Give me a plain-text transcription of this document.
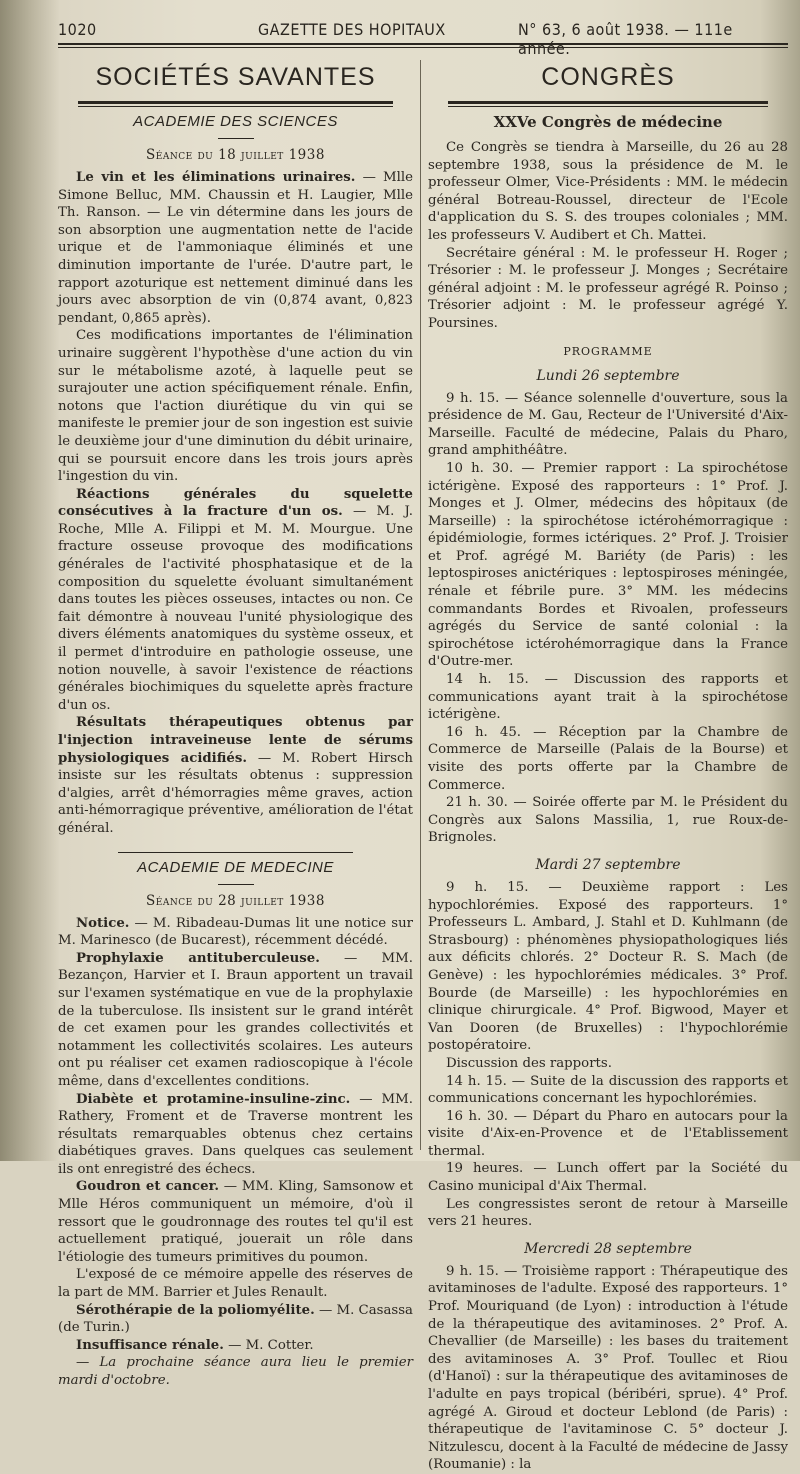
1020	GAZETTE DES HOPITAUX	N° 63, 6 août 1938. — 111e année.
SOCIÉTÉS SAVANTES
ACADEMIE DES SCIENCES
Séance du 18 juillet 1938

Le vin et les éliminations urinaires. — Mlle Simone Belluc, MM. Chaussin et H. Laugier, Mlle Th. Ranson. — Le vin détermine dans les jours de son absorption une augmentation nette de l'acide urique et de l'ammoniaque éliminés et une diminution importante de l'urée. D'autre part, le rapport azoturique est nettement diminué dans les jours avec absorption de vin (0,874 avant, 0,823 pendant, 0,865 après).

Ces modifications importantes de l'élimination urinaire suggèrent l'hypothèse d'une action du vin sur le métabolisme azoté, à laquelle peut se surajouter une action spécifiquement rénale. Enfin, notons que l'action diurétique du vin qui se manifeste le premier jour de son ingestion est suivie le deuxième jour d'une diminution du débit urinaire, qui se poursuit encore dans les trois jours après l'ingestion du vin.

Réactions générales du squelette consécutives à la fracture d'un os. — M. J. Roche, Mlle A. Filippi et M. M. Mourgue. Une fracture osseuse provoque des modifications générales de l'activité phosphatasique et de la composition du squelette évoluant simultanément dans toutes les pièces osseuses, intactes ou non. Ce fait démontre à nouveau l'unité physiologique des divers éléments anatomiques du système osseux, et il permet d'introduire en pathologie osseuse, une notion nouvelle, à savoir l'existence de réactions générales biochimiques du squelette après fracture d'un os.

Résultats thérapeutiques obtenus par l'injection intraveineuse lente de sérums physiologiques acidifiés. — M. Robert Hirsch insiste sur les résultats obtenus : suppression d'algies, arrêt d'hémorragies même graves, action anti-hémorragique préventive, amélioration de l'état général.

ACADEMIE DE MEDECINE
Séance du 28 juillet 1938

Notice. — M. Ribadeau-Dumas lit une notice sur M. Marinesco (de Bucarest), récemment décédé.

Prophylaxie antituberculeuse. — MM. Bezançon, Harvier et I. Braun apportent un travail sur l'examen systématique en vue de la prophylaxie de la tuberculose. Ils insistent sur le grand intérêt de cet examen pour les grandes collectivités et notamment les collectivités scolaires. Les auteurs ont pu réaliser cet examen radioscopique à l'école même, dans d'excellentes conditions.

Diabète et protamine-insuline-zinc. — MM. Rathery, Froment et de Traverse montrent les résultats remarquables obtenus chez certains diabétiques graves. Dans quelques cas seulement ils ont enregistré des échecs.

Goudron et cancer. — MM. Kling, Samsonow et Mlle Héros communiquent un mémoire, d'où il ressort que le goudronnage des routes tel qu'il est actuellement pratiqué, jouerait un rôle dans l'étiologie des tumeurs primitives du poumon.

L'exposé de ce mémoire appelle des réserves de la part de MM. Barrier et Jules Renault.

Sérothérapie de la poliomyélite. — M. Casassa (de Turin.)

Insuffisance rénale. — M. Cotter.

— La prochaine séance aura lieu le premier mardi d'octobre.

CONGRÈS
XXVe Congrès de médecine

Ce Congrès se tiendra à Marseille, du 26 au 28 septembre 1938, sous la présidence de M. le professeur Olmer, Vice-Présidents : MM. le médecin général Botreau-Roussel, directeur de l'Ecole d'application du S. S. des troupes coloniales ; MM. les professeurs V. Audibert et Ch. Mattei.

Secrétaire général : M. le professeur H. Roger ; Trésorier : M. le professeur J. Monges ; Secrétaire général adjoint : M. le professeur agrégé R. Poinso ; Trésorier adjoint : M. le professeur agrégé Y. Poursines.

PROGRAMME
Lundi 26 septembre

9 h. 15. — Séance solennelle d'ouverture, sous la présidence de M. Gau, Recteur de l'Université d'Aix-Marseille. Faculté de médecine, Palais du Pharo, grand amphithéâtre.

10 h. 30. — Premier rapport : La spirochétose ictérigène. Exposé des rapporteurs : 1° Prof. J. Monges et J. Olmer, médecins des hôpitaux (de Marseille) : la spirochétose ictérohémorragique : épidémiologie, formes ictériques. 2° Prof. J. Troisier et Prof. agrégé M. Bariéty (de Paris) : les leptospiroses anictériques : leptospiroses méningée, rénale et fébrile pure. 3° MM. les médecins commandants Bordes et Rivoalen, professeurs agrégés du Service de santé colonial : la spirochétose ictérohémorragique dans la France d'Outre-mer.

14 h. 15. — Discussion des rapports et communications ayant trait à la spirochétose ictérigène.

16 h. 45. — Réception par la Chambre de Commerce de Marseille (Palais de la Bourse) et visite des ports offerte par la Chambre de Commerce.

21 h. 30. — Soirée offerte par M. le Président du Congrès aux Salons Massilia, 1, rue Roux-de-Brignoles.

Mardi 27 septembre

9 h. 15. — Deuxième rapport : Les hypochlorémies. Exposé des rapporteurs. 1° Professeurs L. Ambard, J. Stahl et D. Kuhlmann (de Strasbourg) : phénomènes physiopathologiques liés aux déficits chlorés. 2° Docteur R. S. Mach (de Genève) : les hypochlorémies médicales. 3° Prof. Bourde (de Marseille) : les hypochlorémies en clinique chirurgicale. 4° Prof. Bigwood, Mayer et Van Dooren (de Bruxelles) : l'hypochlorémie postopératoire.

Discussion des rapports.

14 h. 15. — Suite de la discussion des rapports et communications concernant les hypochlorémies.

16 h. 30. — Départ du Pharo en autocars pour la visite d'Aix-en-Provence et de l'Etablissement thermal.

19 heures. — Lunch offert par la Société du Casino municipal d'Aix Thermal.

Les congressistes seront de retour à Marseille vers 21 heures.

Mercredi 28 septembre

9 h. 15. — Troisième rapport : Thérapeutique des avitaminoses de l'adulte. Exposé des rapporteurs. 1° Prof. Mouriquand (de Lyon) : introduction à l'étude de la thérapeutique des avitaminoses. 2° Prof. A. Chevallier (de Marseille) : les bases du traitement des avitaminoses A. 3° Prof. Toullec et Riou (d'Hanoï) : sur la thérapeutique des avitaminoses de l'adulte en pays tropical (béribéri, sprue). 4° Prof. agrégé A. Giroud et docteur Leblond (de Paris) : thérapeutique de l'avitaminose C. 5° docteur J. Nitzulescu, docent à la Faculté de médecine de Jassy (Roumanie) : la
